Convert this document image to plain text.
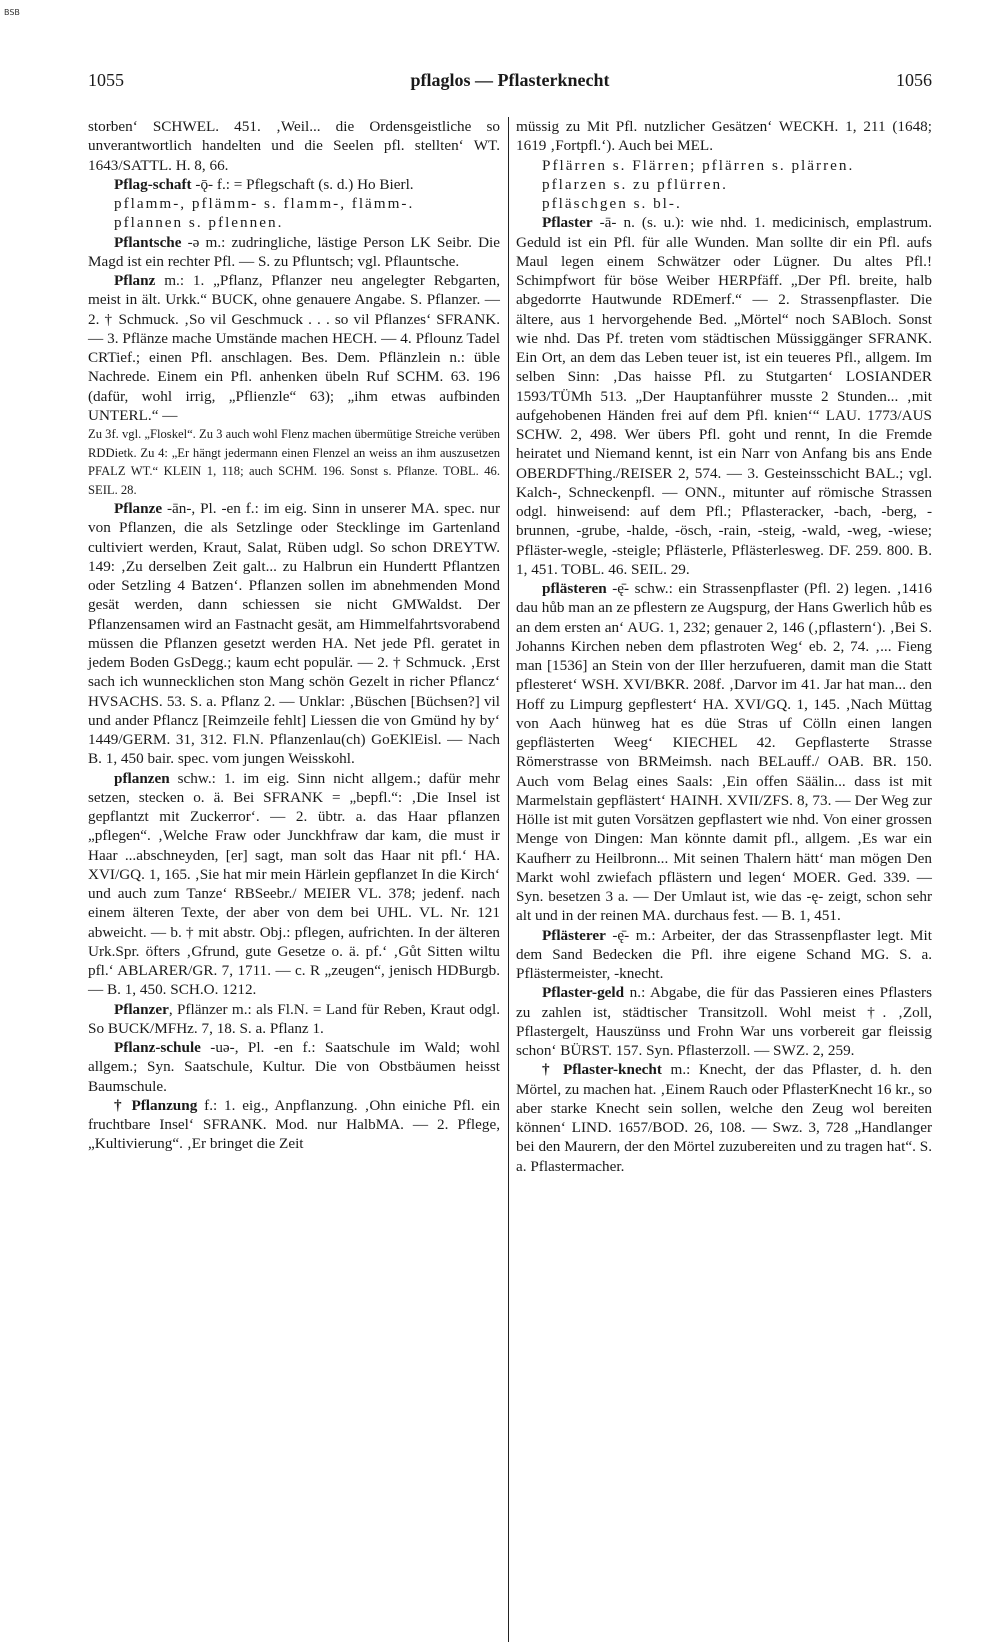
BSB
1055	pflaglos — Pflasterknecht	1056

storben‘ SCHWEL. 451. ‚Weil... die Ordensgeistliche so unverantwortlich handelten und die Seelen pfl. stellten‘ WT. 1643/SATTL. H. 8, 66.

Pflag-schaft -ǭ- f.: = Pflegschaft (s. d.) Ho Bierl.

pflamm-, pflämm- s. flamm-, flämm-.

pflannen s. pflennen.

Pflantsche -ə m.: zudringliche, lästige Person LK Seibr. Die Magd ist ein rechter Pfl. — S. zu Pfluntsch; vgl. Pflauntsche.

Pflanz m.: 1. „Pflanz, Pflanzer neu angelegter Rebgarten, meist in ält. Urkk.“ BUCK, ohne genauere Angabe. S. Pflanzer. — 2. † Schmuck. ‚So vil Geschmuck . . . so vil Pflanzes‘ SFRANK. — 3. Pflänze mache Umstände machen HECH. — 4. Pflounz Tadel CRTief.; einen Pfl. anschlagen. Bes. Dem. Pflänzlein n.: üble Nachrede. Einem ein Pfl. anhenken übeln Ruf SCHM. 63. 196 (dafür, wohl irrig, „Pflienzle“ 63); „ihm etwas aufbinden UNTERL.“ —

Zu 3f. vgl. „Floskel“. Zu 3 auch wohl Flenz machen übermütige Streiche verüben RDDietk. Zu 4: „Er hängt jedermann einen Flenzel an weiss an ihm auszusetzen PFALZ WT.“ KLEIN 1, 118; auch SCHM. 196. Sonst s. Pflanze. TOBL. 46. SEIL. 28.

Pflanze -ān-, Pl. -en f.: im eig. Sinn in unserer MA. spec. nur von Pflanzen, die als Setzlinge oder Stecklinge im Gartenland cultiviert werden, Kraut, Salat, Rüben udgl. So schon DREYTW. 149: ‚Zu derselben Zeit galt... zu Halbrun ein Hundertt Pflantzen oder Setzling 4 Batzen‘. Pflanzen sollen im abnehmenden Mond gesät werden, dann schiessen sie nicht GMWaldst. Der Pflanzensamen wird an Fastnacht gesät, am Himmelfahrtsvorabend müssen die Pflanzen gesetzt werden HA. Net jede Pfl. geratet in jedem Boden GsDegg.; kaum echt populär. — 2. † Schmuck. ‚Erst sach ich wunnecklichen ston Mang schön Gezelt in richer Pflancz‘ HVSACHS. 53. S. a. Pflanz 2. — Unklar: ‚Büschen [Büchsen?] vil und ander Pflancz [Reimzeile fehlt] Liessen die von Gmünd hy by‘ 1449/GERM. 31, 312. Fl.N. Pflanzenlau(ch) GoEKlEisl. — Nach B. 1, 450 bair. spec. vom jungen Weisskohl.

pflanzen schw.: 1. im eig. Sinn nicht allgem.; dafür mehr setzen, stecken o. ä. Bei SFRANK = „bepfl.“: ‚Die Insel ist gepflantzt mit Zuckerror‘. — 2. übtr. a. das Haar pflanzen „pflegen“. ‚Welche Fraw oder Junckhfraw dar kam, die must ir Haar ...abschneyden, [er] sagt, man solt das Haar nit pfl.‘ HA. XVI/GQ. 1, 165. ‚Sie hat mir mein Härlein gepflanzet In die Kirch‘ und auch zum Tanze‘ RBSeebr./ MEIER VL. 378; jedenf. nach einem älteren Texte, der aber von dem bei UHL. VL. Nr. 121 abweicht. — b. † mit abstr. Obj.: pflegen, aufrichten. In der älteren Urk.Spr. öfters ‚Gfrund, gute Gesetze o. ä. pf.‘ ‚Gůt Sitten wiltu pfl.‘ ABLARER/GR. 7, 1711. — c. R „zeugen“, jenisch HDBurgb. — B. 1, 450. SCH.O. 1212.

Pflanzer, Pflänzer m.: als Fl.N. = Land für Reben, Kraut odgl. So BUCK/MFHz. 7, 18. S. a. Pflanz 1.

Pflanz-schule -uə-, Pl. -en f.: Saatschule im Wald; wohl allgem.; Syn. Saatschule, Kultur. Die von Obstbäumen heisst Baumschule.

† Pflanzung f.: 1. eig., Anpflanzung. ‚Ohn einiche Pfl. ein fruchtbare Insel‘ SFRANK. Mod. nur HalbMA. — 2. Pflege, „Kultivierung“. ‚Er bringet die Zeit

müssig zu Mit Pfl. nutzlicher Gesätzen‘ WECKH. 1, 211 (1648; 1619 ‚Fortpfl.‘). Auch bei MEL.

Pflärren s. Flärren; pflärren s. plärren.

pflarzen s. zu pflürren.

pfläschgen s. bl-.

Pflaster -ā- n. (s. u.): wie nhd. 1. medicinisch, emplastrum. Geduld ist ein Pfl. für alle Wunden. Man sollte dir ein Pfl. aufs Maul legen einem Schwätzer oder Lügner. Du altes Pfl.! Schimpfwort für böse Weiber HERPfäff. „Der Pfl. breite, halb abgedorrte Hautwunde RDEmerf.“ — 2. Strassenpflaster. Die ältere, aus 1 hervorgehende Bed. „Mörtel“ noch SABloch. Sonst wie nhd. Das Pf. treten vom städtischen Müssiggänger SFRANK. Ein Ort, an dem das Leben teuer ist, ist ein teueres Pfl., allgem. Im selben Sinn: ‚Das haisse Pfl. zu Stutgarten‘ LOSIANDER 1593/TÜMh 513. „Der Hauptanführer musste 2 Stunden... ‚mit aufgehobenen Händen frei auf dem Pfl. knien‘“ LAU. 1773/AUS SCHW. 2, 498. Wer übers Pfl. goht und rennt, In die Fremde heiratet und Niemand kennt, ist ein Narr von Anfang bis ans Ende OBERDFThing./REISER 2, 574. — 3. Gesteinsschicht BAL.; vgl. Kalch-, Schneckenpfl. — ONN., mitunter auf römische Strassen odgl. hinweisend: auf dem Pfl.; Pflasteracker, -bach, -berg, -brunnen, -grube, -halde, -ösch, -rain, -steig, -wald, -weg, -wiese; Pfläster-wegle, -steigle; Pflästerle, Pflästerlesweg. DF. 259. 800. B. 1, 451. TOBL. 46. SEIL. 29.

pflästeren -ę̄- schw.: ein Strassenpflaster (Pfl. 2) legen. ‚1416 dau hůb man an ze pflestern ze Augspurg, der Hans Gwerlich hůb es an dem ersten an‘ AUG. 1, 232; genauer 2, 146 (‚pflastern‘). ‚Bei S. Johanns Kirchen neben dem pflastroten Weg‘ eb. 2, 74. ‚... Fieng man [1536] an Stein von der Iller herzufueren, damit man die Statt pflesteret‘ WSH. XVI/BKR. 208f. ‚Darvor im 41. Jar hat man... den Hoff zu Limpurg gepflestert‘ HA. XVI/GQ. 1, 145. ‚Nach Müttag von Aach hünweg hat es düe Stras uf Cölln einen langen gepflästerten Weeg‘ KIECHEL 42. Gepflasterte Strasse Römerstrasse von BRMeimsh. nach BELauff./ OAB. BR. 150. Auch vom Belag eines Saals: ‚Ein offen Säälin... dass ist mit Marmelstain gepflästert‘ HAINH. XVII/ZFS. 8, 73. — Der Weg zur Hölle ist mit guten Vorsätzen gepflastert wie nhd. Von einer grossen Menge von Dingen: Man könnte damit pfl., allgem. ‚Es war ein Kaufherr zu Heilbronn... Mit seinen Thalern hätt‘ man mögen Den Markt wohl zwiefach pflästern und legen‘ MOER. Ged. 339. — Syn. besetzen 3 a. — Der Umlaut ist, wie das -ę- zeigt, schon sehr alt und in der reinen MA. durchaus fest. — B. 1, 451.

Pflästerer -ę̄- m.: Arbeiter, der das Strassenpflaster legt. Mit dem Sand Bedecken die Pfl. ihre eigene Schand MG. S. a. Pflästermeister, -knecht.

Pflaster-geld n.: Abgabe, die für das Passieren eines Pflasters zu zahlen ist, städtischer Transitzoll. Wohl meist †. ‚Zoll, Pflastergelt, Hauszünss und Frohn War uns vorbereit gar fleissig schon‘ BÜRST. 157. Syn. Pflasterzoll. — SWZ. 2, 259.

† Pflaster-knecht m.: Knecht, der das Pflaster, d. h. den Mörtel, zu machen hat. ‚Einem Rauch oder PflasterKnecht 16 kr., so aber starke Knecht sein sollen, welche den Zeug wol bereiten können‘ LIND. 1657/BOD. 26, 108. — Swz. 3, 728 „Handlanger bei den Maurern, der den Mörtel zuzubereiten und zu tragen hat“. S. a. Pflastermacher.
